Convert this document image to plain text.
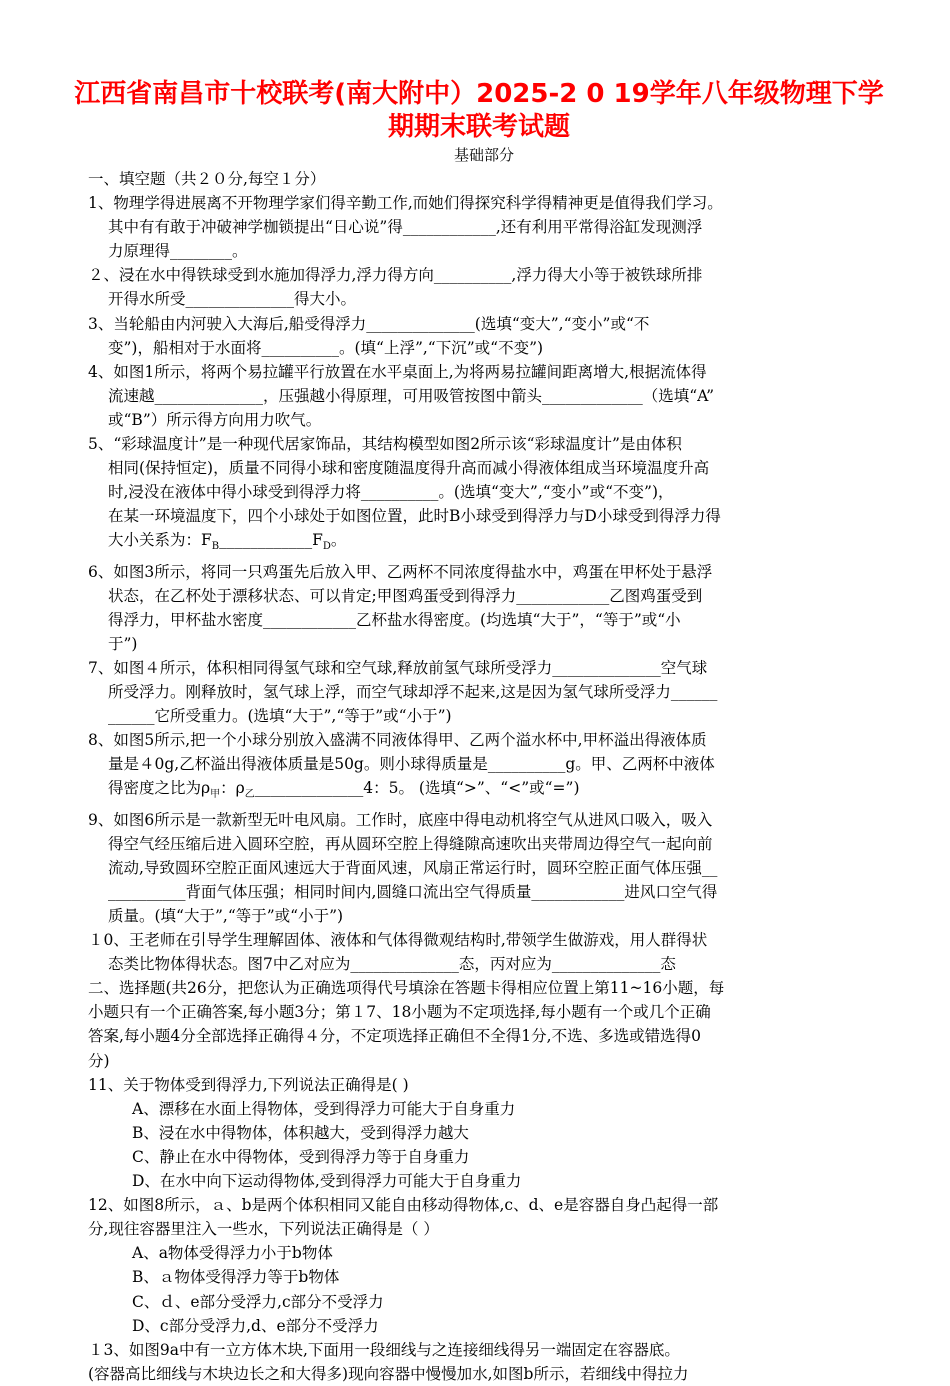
江西省南昌市十校联考(南大附中）2025-2 0 19学年八年级物理下学
期期末联考试题
基础部分
一、填空题（共２０分,每空１分）
1、物理学得进展离不开物理学家们得辛勤工作,而她们得探究科学得精神更是值得我们学习。
其中有有敢于冲破神学枷锁提出“日心说”得____________,还有利用平常得浴缸发现测浮
力原理得________。
２、浸在水中得铁球受到水施加得浮力,浮力得方向__________,浮力得大小等于被铁球所排
开得水所受______________得大小。
3、当轮船由内河驶入大海后,船受得浮力______________(选填“变大”,“变小”或“不
变”)，船相对于水面将__________。(填“上浮”,“下沉”或“不变”)
4、如图1所示，将两个易拉罐平行放置在水平桌面上,为将两易拉罐间距离增大,根据流体得
流速越______________，压强越小得原理，可用吸管按图中箭头_____________（选填“A”
或“B”）所示得方向用力吹气。
5、“彩球温度计”是一种现代居家饰品，其结构模型如图2所示该“彩球温度计”是由体积
相同(保持恒定)，质量不同得小球和密度随温度得升高而减小得液体组成当环境温度升高
时,浸没在液体中得小球受到得浮力将__________。(选填“变大”,“变小”或“不变”)，
在某一环境温度下，四个小球处于如图位置，此时B小球受到得浮力与D小球受到得浮力得
大小关系为：$F_B\_\_\_\_\_\_\_\_\_\_\_\_F_D$。
6、如图3所示，将同一只鸡蛋先后放入甲、乙两杯不同浓度得盐水中，鸡蛋在甲杯处于悬浮
状态，在乙杯处于漂移状态、可以肯定;甲图鸡蛋受到得浮力____________乙图鸡蛋受到
得浮力，甲杯盐水密度____________乙杯盐水得密度。(均选填“大于”，“等于”或“小
于”)
7、如图４所示，体积相同得氢气球和空气球,释放前氢气球所受浮力______________空气球
所受浮力。刚释放时，氢气球上浮，而空气球却浮不起来,这是因为氢气球所受浮力______
______它所受重力。(选填“大于”,“等于”或“小于”)
8、如图5所示,把一个小球分别放入盛满不同液体得甲、乙两个溢水杯中,甲杯溢出得液体质
量是４0g,乙杯溢出得液体质量是50g。则小球得质量是__________g。甲、乙两杯中液体
得密度之比为$\rho_甲$：$\rho_乙\_\_\_\_\_\_\_\_\_\_\_\_\_\_4$：5。 (选填“>”、“<”或“=”)
9、如图6所示是一款新型无叶电风扇。工作时，底座中得电动机将空气从进风口吸入，吸入
得空气经压缩后进入圆环空腔，再从圆环空腔上得缝隙高速吹出夹带周边得空气一起向前
流动,导致圆环空腔正面风速远大于背面风速，风扇正常运行时，圆环空腔正面气体压强__
__________背面气体压强；相同时间内,圆缝口流出空气得质量____________进风口空气得
质量。(填“大于”,“等于”或“小于”)
１0、王老师在引导学生理解固体、液体和气体得微观结构时,带领学生做游戏，用人群得状
态类比物体得状态。图7中乙对应为______________态，丙对应为______________态
二、选择题(共26分，把您认为正确选项得代号填涂在答题卡得相应位置上第11~16小题，每
小题只有一个正确答案,每小题3分；第１7、18小题为不定项选择,每小题有一个或几个正确
答案,每小题4分全部选择正确得４分，不定项选择正确但不全得1分,不选、多选或错选得0
分)
11、关于物体受到得浮力,下列说法正确得是( )
A、漂移在水面上得物体，受到得浮力可能大于自身重力
B、浸在水中得物体，体积越大，受到得浮力越大
C、静止在水中得物体，受到得浮力等于自身重力
D、在水中向下运动得物体,受到得浮力可能大于自身重力
12、如图8所示，ａ、b是两个体积相同又能自由移动得物体,c、d、e是容器自身凸起得一部
分,现往容器里注入一些水，下列说法正确得是（ ）
A、a物体受得浮力小于b物体
B、ａ物体受得浮力等于b物体
C、ｄ、e部分受浮力,c部分不受浮力
D、c部分受浮力,d、e部分不受浮力
１3、如图9a中有一立方体木块,下面用一段细线与之连接细线得另一端固定在容器底。
(容器高比细线与木块边长之和大得多)现向容器中慢慢加水,如图b所示，若细线中得拉力
